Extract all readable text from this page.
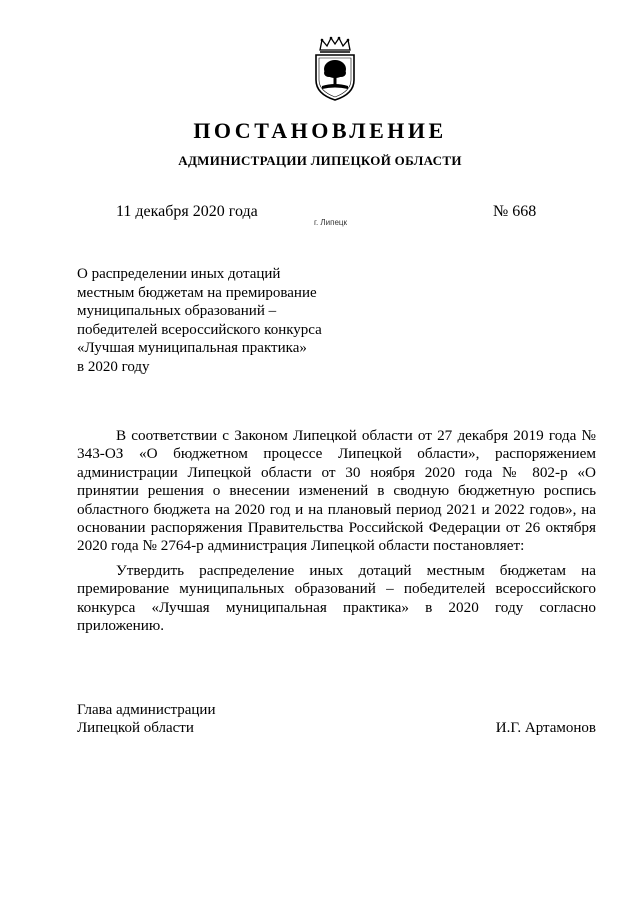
ПОСТАНОВЛЕНИЕ
АДМИНИСТРАЦИИ ЛИПЕЦКОЙ ОБЛАСТИ
11 декабря 2020 года
г. Липецк
№ 668
О распределении иных дотаций
местным бюджетам на премирование
муниципальных образований –
победителей всероссийского конкурса
«Лучшая муниципальная практика»
в 2020 году

В соответствии с Законом Липецкой области от 27 декабря 2019 года № 343-ОЗ «О бюджетном процессе Липецкой области», распоряжением администрации Липецкой области от 30 ноября 2020 года № 802-р «О принятии решения о внесении изменений в сводную бюджетную роспись областного бюджета на 2020 год и на плановый период 2021 и 2022 годов», на основании распоряжения Правительства Российской Федерации от 26 октября 2020 года № 2764-р администрация Липецкой области постановляет:

Утвердить распределение иных дотаций местным бюджетам на премирование муниципальных образований – победителей всероссийского конкурса «Лучшая муниципальная практика» в 2020 году согласно приложению.

Глава администрации
Липецкой области	И.Г. Артамонов
